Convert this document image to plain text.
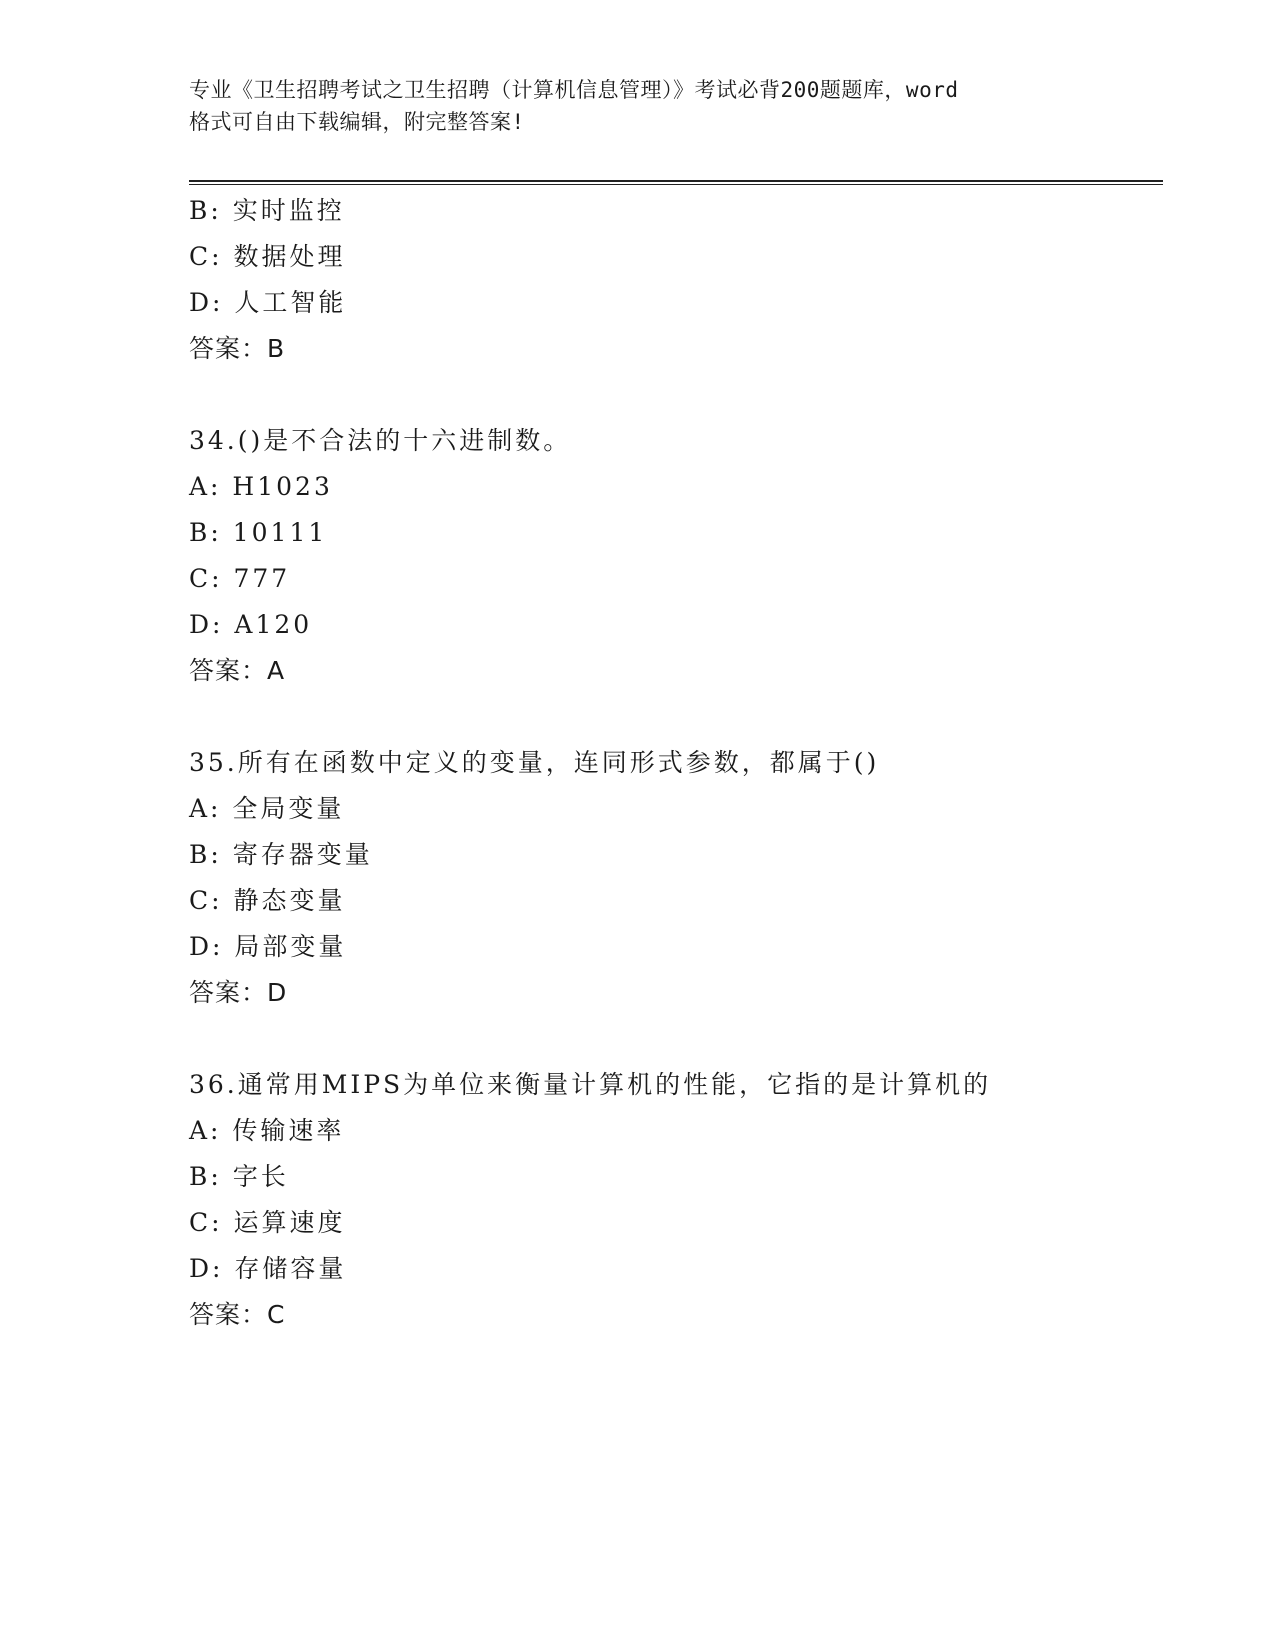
专业《卫生招聘考试之卫生招聘（计算机信息管理）》考试必背200题题库，word
格式可自由下载编辑，附完整答案!
B: 实时监控
C: 数据处理
D: 人工智能
答案：B
34.()是不合法的十六进制数。
A: H1023
B: 10111
C: 777
D: A120
答案：A
35.所有在函数中定义的变量，连同形式参数，都属于()
A: 全局变量
B: 寄存器变量
C: 静态变量
D: 局部变量
答案：D
36.通常用MIPS为单位来衡量计算机的性能，它指的是计算机的
A: 传输速率
B: 字长
C: 运算速度
D: 存储容量
答案：C
